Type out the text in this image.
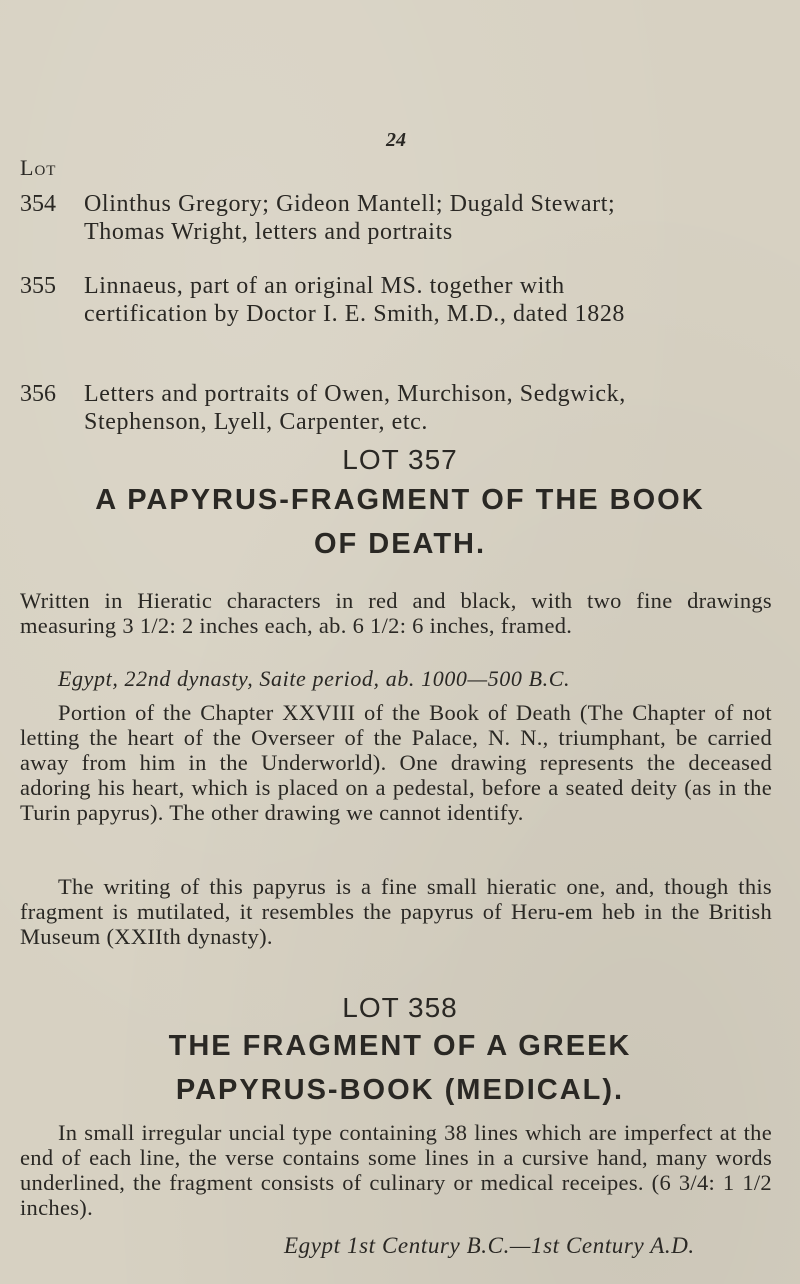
24
Lot
354	Olinthus Gregory; Gideon Mantell; Dugald Stewart; Thomas Wright, letters and portraits
355	Linnaeus, part of an original MS. together with certification by Doctor I. E. Smith, M.D., dated 1828
356	Letters and portraits of Owen, Murchison, Sedgwick, Stephenson, Lyell, Carpenter, etc.
LOT 357
A PAPYRUS-FRAGMENT OF THE BOOK
OF DEATH.
Written in Hieratic characters in red and black, with two fine drawings measuring 3 1/2: 2 inches each, ab. 6 1/2: 6 inches, framed.
Egypt, 22nd dynasty, Saite period, ab. 1000—500 B.C.
Portion of the Chapter XXVIII of the Book of Death (The Chapter of not letting the heart of the Overseer of the Palace, N. N., triumphant, be carried away from him in the Underworld). One drawing represents the deceased adoring his heart, which is placed on a pedestal, before a seated deity (as in the Turin papyrus). The other drawing we cannot identify.
The writing of this papyrus is a fine small hieratic one, and, though this fragment is mutilated, it resembles the papyrus of Heru-em heb in the British Museum (XXIIth dynasty).
LOT 358
THE FRAGMENT OF A GREEK
PAPYRUS-BOOK (MEDICAL).
In small irregular uncial type containing 38 lines which are imperfect at the end of each line, the verse contains some lines in a cursive hand, many words underlined, the fragment consists of culinary or medical receipes. (6 3/4: 1 1/2 inches).
Egypt 1st Century B.C.—1st Century A.D.
